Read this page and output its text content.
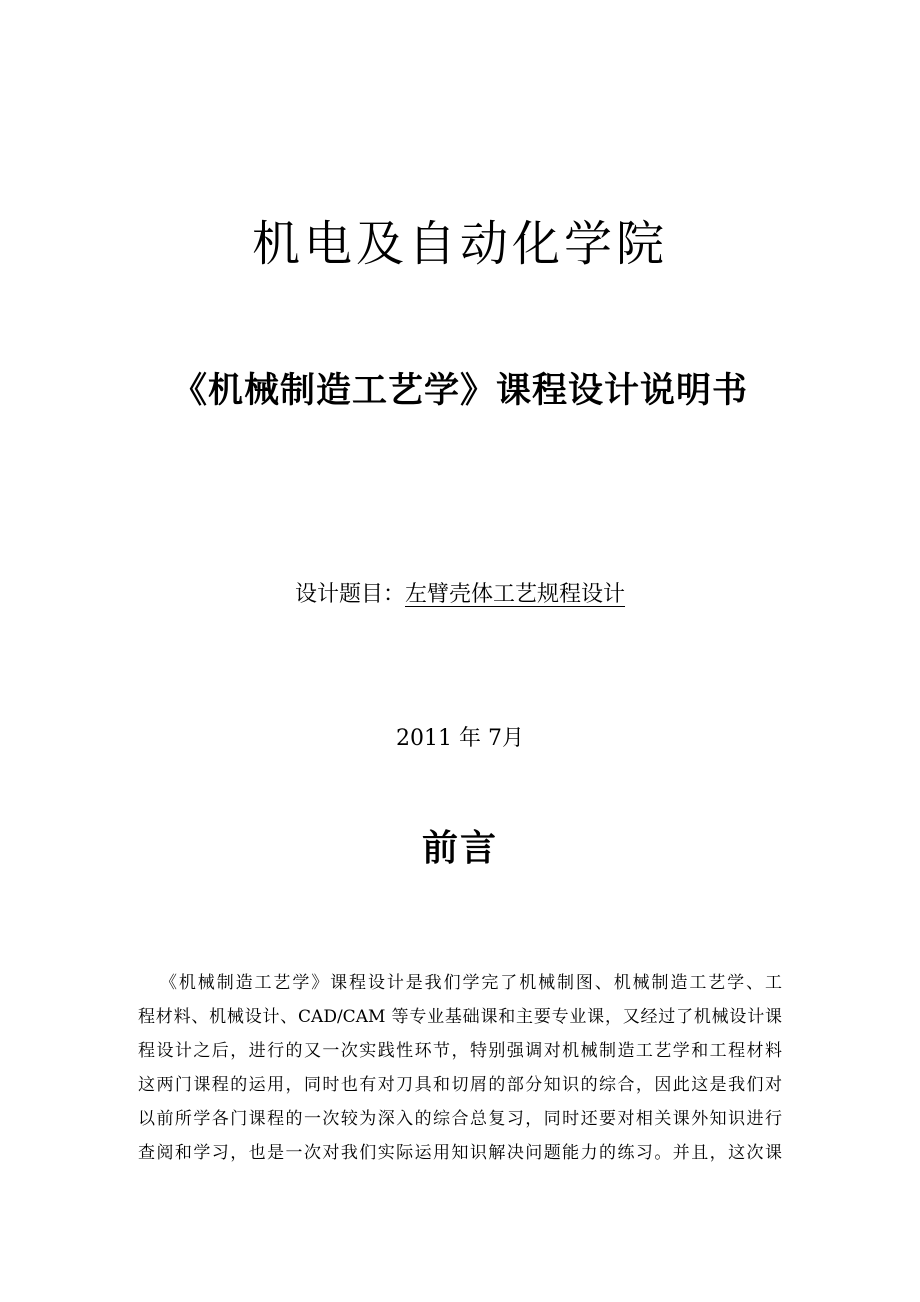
机电及自动化学院
《机械制造工艺学》课程设计说明书
设计题目：左臂壳体工艺规程设计
2011 年 7月
前言
《机械制造工艺学》课程设计是我们学完了机械制图、机械制造工艺学、工
程材料、机械设计、CAD/CAM 等专业基础课和主要专业课，又经过了机械设计课
程设计之后，进行的又一次实践性环节，特别强调对机械制造工艺学和工程材料
这两门课程的运用，同时也有对刀具和切屑的部分知识的综合，因此这是我们对
以前所学各门课程的一次较为深入的综合总复习，同时还要对相关课外知识进行
查阅和学习，也是一次对我们实际运用知识解决问题能力的练习。并且，这次课
